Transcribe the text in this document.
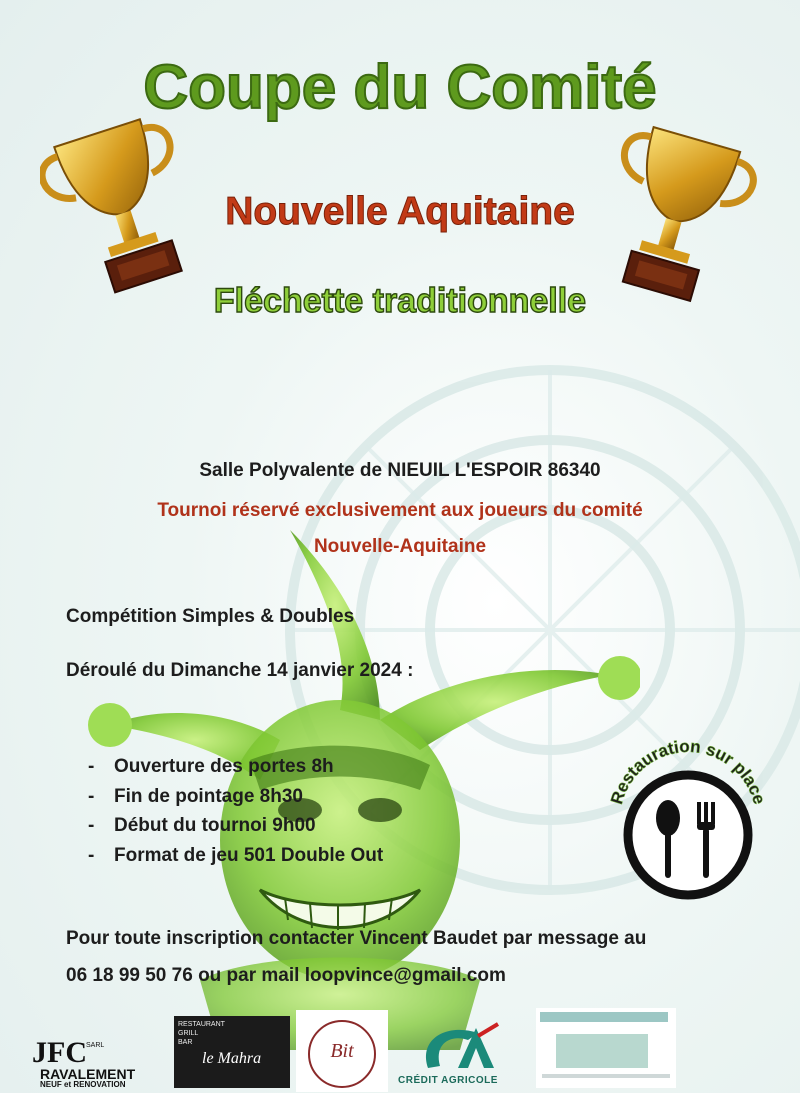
Coupe du Comité
Nouvelle Aquitaine
Fléchette traditionnelle
Salle Polyvalente de NIEUIL L'ESPOIR 86340
Tournoi réservé exclusivement aux joueurs du comité
Nouvelle-Aquitaine
Compétition Simples & Doubles
Déroulé du Dimanche 14 janvier 2024 :
- Ouverture des portes 8h
- Fin de pointage 8h30
- Début du tournoi 9h00
- Format de jeu 501 Double Out
Restauration sur place
Pour toute inscription contacter Vincent Baudet par message au
06 18 99 50 76 ou par mail loopvince@gmail.com
JFC SARL
RAVALEMENT
NEUF et RENOVATION
RESTAURANT
GRILL
BAR
le Mahra	Bit
CRÉDIT AGRICOLE
